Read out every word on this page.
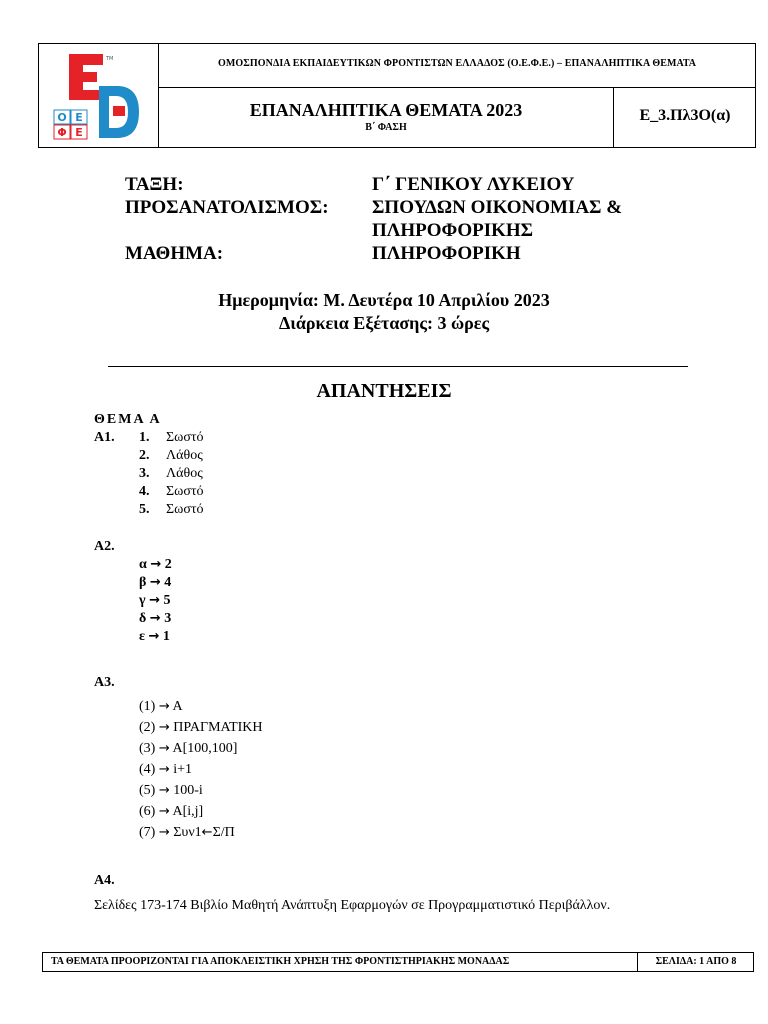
TM
Ο Ε
Φ Ε
ΟΜΟΣΠΟΝΔΙΑ ΕΚΠΑΙΔΕΥΤΙΚΩΝ ΦΡΟΝΤΙΣΤΩΝ ΕΛΛΑΔΟΣ (Ο.Ε.Φ.Ε.) – ΕΠΑΝΑΛΗΠΤΙΚΑ ΘΕΜΑΤΑ
ΕΠΑΝΑΛΗΠΤΙΚΑ ΘΕΜΑΤΑ 2023
Β΄ ΦΑΣΗ
Ε_3.Πλ3Ο(α)
ΤΑΞΗ:	Γ΄ ΓΕΝΙΚΟΥ ΛΥΚΕΙΟΥ
ΠΡΟΣΑΝΑΤΟΛΙΣΜΟΣ: ΣΠΟΥΔΩΝ ΟΙΚΟΝΟΜΙΑΣ &
ΠΛΗΡΟΦΟΡΙΚΗΣ
ΜΑΘΗΜΑ:	ΠΛΗΡΟΦΟΡΙΚΗ
Ημερομηνία: Μ. Δευτέρα 10 Απριλίου 2023
Διάρκεια Εξέτασης: 3 ώρες
ΑΠΑΝΤΗΣΕΙΣ
ΘΕΜΑ Α
Α1. 1. Σωστό
2. Λάθος
3. Λάθος
4. Σωστό
5. Σωστό
Α2.
α → 2
β → 4
γ → 5
δ → 3
ε → 1
Α3.
(1) → Α
(2) → ΠΡΑΓΜΑΤΙΚΗ
(3) → Α[100,100]
(4) → i+1
(5) → 100-i
(6) → A[i,j]
(7) → Συν1←Σ/Π
Α4.
Σελίδες 173-174 Βιβλίο Μαθητή Ανάπτυξη Εφαρμογών σε Προγραμματιστικό Περιβάλλον.
ΤΑ ΘΕΜΑΤΑ ΠΡΟΟΡΙΖΟΝΤΑΙ ΓΙΑ ΑΠΟΚΛΕΙΣΤΙΚΗ ΧΡΗΣΗ ΤΗΣ ΦΡΟΝΤΙΣΤΗΡΙΑΚΗΣ ΜΟΝΑΔΑΣ	ΣΕΛΙΔΑ: 1 ΑΠΟ 8
